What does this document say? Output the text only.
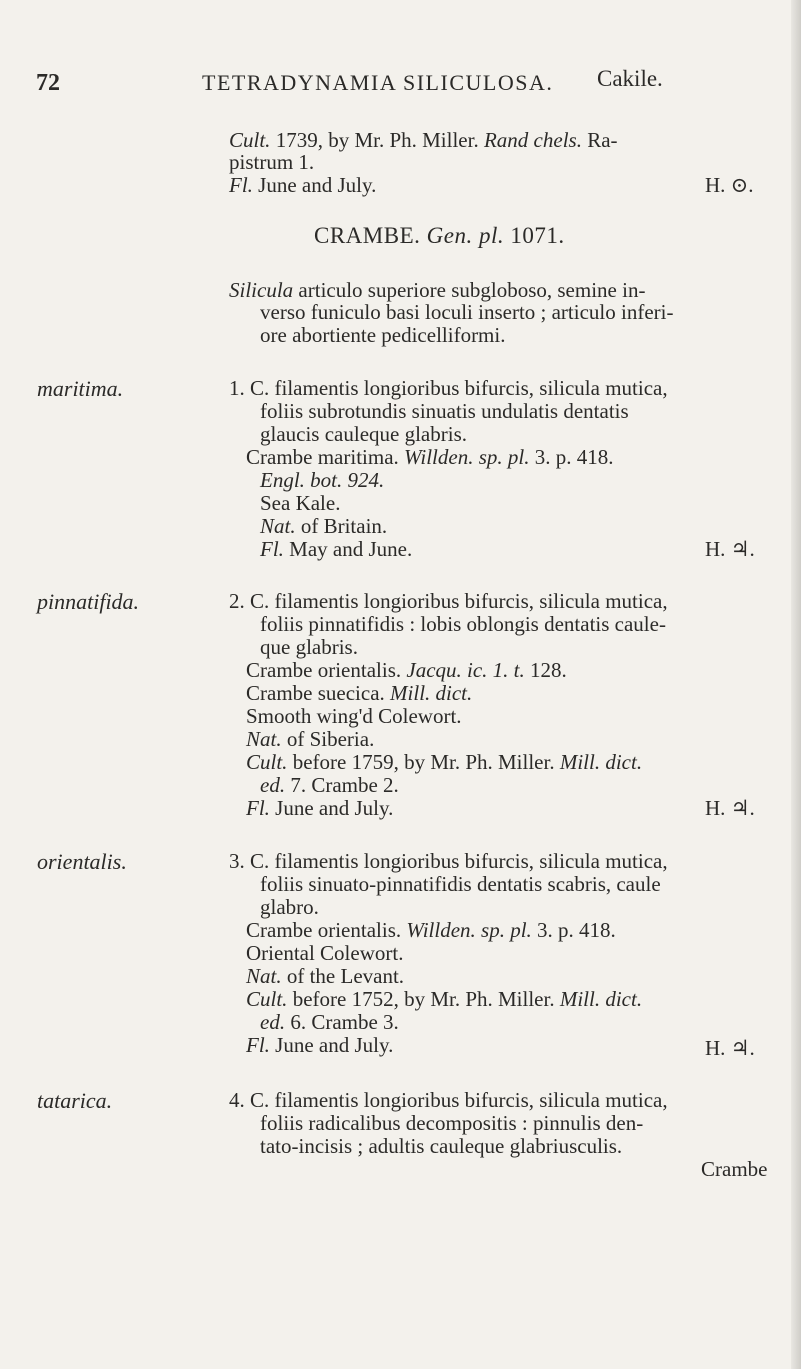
72	TETRADYNAMIA SILICULOSA. Cakile.
Cult. 1739, by Mr. Ph. Miller. Rand chels. Ra-
pistrum 1.
Fl. June and July.	H. ⊙.
CRAMBE. Gen. pl. 1071.
Silicula articulo superiore subgloboso, semine in-
verso funiculo basi loculi inserto ; articulo inferi-
ore abortiente pedicelliformi.
maritima.	1. C. filamentis longioribus bifurcis, silicula mutica,
foliis subrotundis sinuatis undulatis dentatis
glaucis cauleque glabris.
Crambe maritima. Willden. sp. pl. 3. p. 418.
Engl. bot. 924.
Sea Kale.
Nat. of Britain.
Fl. May and June.	H. ♃.
pinnatifida.	2. C. filamentis longioribus bifurcis, silicula mutica,
foliis pinnatifidis : lobis oblongis dentatis caule-
que glabris.
Crambe orientalis. Jacqu. ic. 1. t. 128.
Crambe suecica. Mill. dict.
Smooth wing'd Colewort.
Nat. of Siberia.
Cult. before 1759, by Mr. Ph. Miller. Mill. dict.
ed. 7. Crambe 2.
Fl. June and July.	H. ♃.
orientalis.	3. C. filamentis longioribus bifurcis, silicula mutica,
foliis sinuato-pinnatifidis dentatis scabris, caule
glabro.
Crambe orientalis. Willden. sp. pl. 3. p. 418.
Oriental Colewort.
Nat. of the Levant.
Cult. before 1752, by Mr. Ph. Miller. Mill. dict.
ed. 6. Crambe 3.
Fl. June and July.	H. ♃.
tatarica.	4. C. filamentis longioribus bifurcis, silicula mutica,
foliis radicalibus decompositis : pinnulis den-
tato-incisis ; adultis cauleque glabriusculis.
Crambe
